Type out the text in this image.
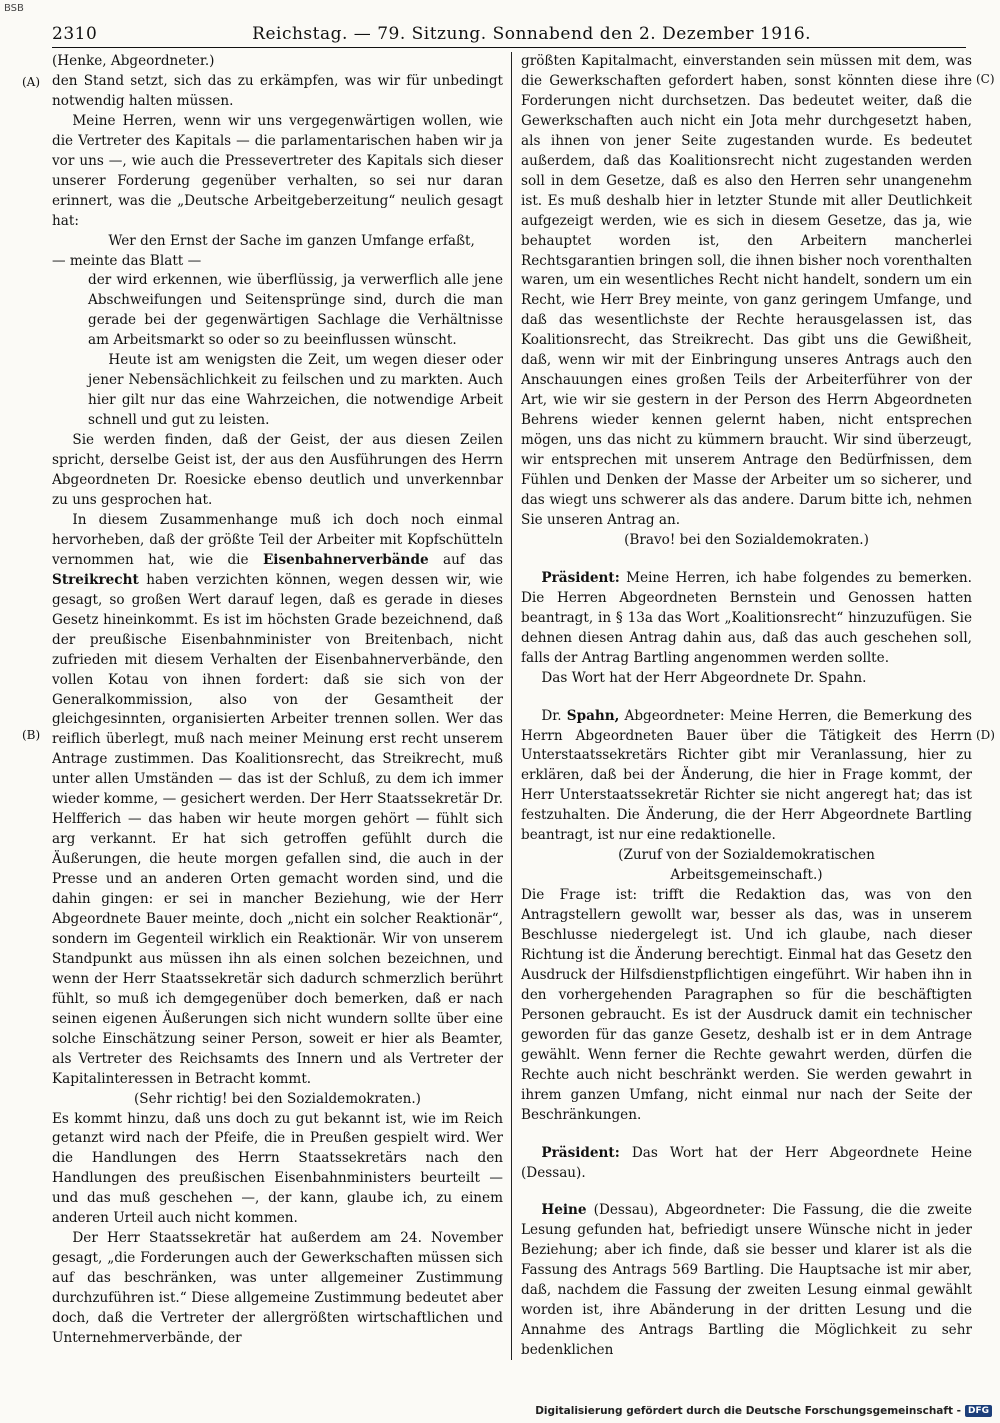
BSB
2310	Reichstag. — 79. Sitzung. Sonnabend den 2. Dezember 1916.
(A)
(B)
(C)
(D)

(Henke, Abgeordneter.)

den Stand setzt, sich das zu erkämpfen, was wir für unbedingt notwendig halten müssen.

Meine Herren, wenn wir uns vergegenwärtigen wollen, wie die Vertreter des Kapitals — die parlamentarischen haben wir ja vor uns —, wie auch die Pressevertreter des Kapitals sich dieser unserer Forderung gegenüber verhalten, so sei nur daran erinnert, was die „Deutsche Arbeitgeberzeitung“ neulich gesagt hat:

Wer den Ernst der Sache im ganzen Umfange erfaßt,

— meinte das Blatt —

der wird erkennen, wie überflüssig, ja verwerflich alle jene Abschweifungen und Seitensprünge sind, durch die man gerade bei der gegenwärtigen Sachlage die Verhältnisse am Arbeitsmarkt so oder so zu beeinflussen wünscht.

Heute ist am wenigsten die Zeit, um wegen dieser oder jener Nebensächlichkeit zu feilschen und zu markten. Auch hier gilt nur das eine Wahrzeichen, die notwendige Arbeit schnell und gut zu leisten.

Sie werden finden, daß der Geist, der aus diesen Zeilen spricht, derselbe Geist ist, der aus den Ausführungen des Herrn Abgeordneten Dr. Roesicke ebenso deutlich und unverkennbar zu uns gesprochen hat.

In diesem Zusammenhange muß ich doch noch einmal hervorheben, daß der größte Teil der Arbeiter mit Kopfschütteln vernommen hat, wie die Eisenbahnerverbände auf das Streikrecht haben verzichten können, wegen dessen wir, wie gesagt, so großen Wert darauf legen, daß es gerade in dieses Gesetz hineinkommt. Es ist im höchsten Grade bezeichnend, daß der preußische Eisenbahnminister von Breitenbach, nicht zufrieden mit diesem Verhalten der Eisenbahnerverbände, den vollen Kotau von ihnen fordert: daß sie sich von der Generalkommission, also von der Gesamtheit der gleichgesinnten, organisierten Arbeiter trennen sollen. Wer das reiflich überlegt, muß nach meiner Meinung erst recht unserem Antrage zustimmen. Das Koalitionsrecht, das Streikrecht, muß unter allen Umständen — das ist der Schluß, zu dem ich immer wieder komme, — gesichert werden. Der Herr Staatssekretär Dr. Helfferich — das haben wir heute morgen gehört — fühlt sich arg verkannt. Er hat sich getroffen gefühlt durch die Äußerungen, die heute morgen gefallen sind, die auch in der Presse und an anderen Orten gemacht worden sind, und die dahin gingen: er sei in mancher Beziehung, wie der Herr Abgeordnete Bauer meinte, doch „nicht ein solcher Reaktionär“, sondern im Gegenteil wirklich ein Reaktionär. Wir von unserem Standpunkt aus müssen ihn als einen solchen bezeichnen, und wenn der Herr Staatssekretär sich dadurch schmerzlich berührt fühlt, so muß ich demgegenüber doch bemerken, daß er nach seinen eigenen Äußerungen sich nicht wundern sollte über eine solche Einschätzung seiner Person, soweit er hier als Beamter, als Vertreter des Reichsamts des Innern und als Vertreter der Kapitalinteressen in Betracht kommt.

(Sehr richtig! bei den Sozialdemokraten.)

Es kommt hinzu, daß uns doch zu gut bekannt ist, wie im Reich getanzt wird nach der Pfeife, die in Preußen gespielt wird. Wer die Handlungen des Herrn Staatssekretärs nach den Handlungen des preußischen Eisenbahnministers beurteilt — und das muß geschehen —, der kann, glaube ich, zu einem anderen Urteil auch nicht kommen.

Der Herr Staatssekretär hat außerdem am 24. November gesagt, „die Forderungen auch der Gewerkschaften müssen sich auf das beschränken, was unter allgemeiner Zustimmung durchzuführen ist.“ Diese allgemeine Zustimmung bedeutet aber doch, daß die Vertreter der allergrößten wirtschaftlichen und Unternehmerverbände, der

größten Kapitalmacht, einverstanden sein müssen mit dem, was die Gewerkschaften gefordert haben, sonst könnten diese ihre Forderungen nicht durchsetzen. Das bedeutet weiter, daß die Gewerkschaften auch nicht ein Jota mehr durchgesetzt haben, als ihnen von jener Seite zugestanden wurde. Es bedeutet außerdem, daß das Koalitionsrecht nicht zugestanden werden soll in dem Gesetze, daß es also den Herren sehr unangenehm ist. Es muß deshalb hier in letzter Stunde mit aller Deutlichkeit aufgezeigt werden, wie es sich in diesem Gesetze, das ja, wie behauptet worden ist, den Arbeitern mancherlei Rechtsgarantien bringen soll, die ihnen bisher noch vorenthalten waren, um ein wesentliches Recht nicht handelt, sondern um ein Recht, wie Herr Brey meinte, von ganz geringem Umfange, und daß das wesentlichste der Rechte herausgelassen ist, das Koalitionsrecht, das Streikrecht. Das gibt uns die Gewißheit, daß, wenn wir mit der Einbringung unseres Antrags auch den Anschauungen eines großen Teils der Arbeiterführer von der Art, wie wir sie gestern in der Person des Herrn Abgeordneten Behrens wieder kennen gelernt haben, nicht entsprechen mögen, uns das nicht zu kümmern braucht. Wir sind überzeugt, wir entsprechen mit unserem Antrage den Bedürfnissen, dem Fühlen und Denken der Masse der Arbeiter um so sicherer, und das wiegt uns schwerer als das andere. Darum bitte ich, nehmen Sie unseren Antrag an.

(Bravo! bei den Sozialdemokraten.)

Präsident: Meine Herren, ich habe folgendes zu bemerken. Die Herren Abgeordneten Bernstein und Genossen hatten beantragt, in § 13a das Wort „Koalitionsrecht“ hinzuzufügen. Sie dehnen diesen Antrag dahin aus, daß das auch geschehen soll, falls der Antrag Bartling angenommen werden sollte.

Das Wort hat der Herr Abgeordnete Dr. Spahn.

Dr. Spahn, Abgeordneter: Meine Herren, die Bemerkung des Herrn Abgeordneten Bauer über die Tätigkeit des Herrn Unterstaatssekretärs Richter gibt mir Veranlassung, hier zu erklären, daß bei der Änderung, die hier in Frage kommt, der Herr Unterstaatssekretär Richter sie nicht angeregt hat; das ist festzuhalten. Die Änderung, die der Herr Abgeordnete Bartling beantragt, ist nur eine redaktionelle.

(Zuruf von der Sozialdemokratischen Arbeitsgemeinschaft.)

Die Frage ist: trifft die Redaktion das, was von den Antragstellern gewollt war, besser als das, was in unserem Beschlusse niedergelegt ist. Und ich glaube, nach dieser Richtung ist die Änderung berechtigt. Einmal hat das Gesetz den Ausdruck der Hilfsdienstpflichtigen eingeführt. Wir haben ihn in den vorhergehenden Paragraphen so für die beschäftigten Personen gebraucht. Es ist der Ausdruck damit ein technischer geworden für das ganze Gesetz, deshalb ist er in dem Antrage gewählt. Wenn ferner die Rechte gewahrt werden, dürfen die Rechte auch nicht beschränkt werden. Sie werden gewahrt in ihrem ganzen Umfang, nicht einmal nur nach der Seite der Beschränkungen.

Präsident: Das Wort hat der Herr Abgeordnete Heine (Dessau).

Heine (Dessau), Abgeordneter: Die Fassung, die die zweite Lesung gefunden hat, befriedigt unsere Wünsche nicht in jeder Beziehung; aber ich finde, daß sie besser und klarer ist als die Fassung des Antrags 569 Bartling. Die Hauptsache ist mir aber, daß, nachdem die Fassung der zweiten Lesung einmal gewählt worden ist, ihre Abänderung in der dritten Lesung und die Annahme des Antrags Bartling die Möglichkeit zu sehr bedenklichen

Digitalisierung gefördert durch die Deutsche Forschungsgemeinschaft - DFG
